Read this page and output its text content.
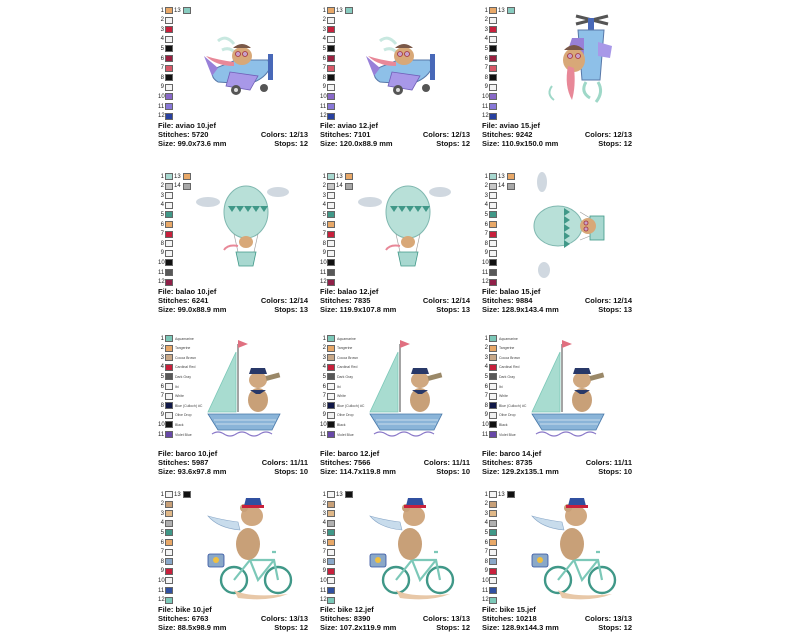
1 13
2
3
4
5
6
7
8
9
10
11
12
File: aviao 10.jef
Stitches: 5720	Colors: 12/13
Size: 99.0x73.6 mm	Stops: 12
1 13
2
3
4
5
6
7
8
9
10
11
12
File: aviao 12.jef
Stitches: 7101	Colors: 12/13
Size: 120.0x88.9 mm	Stops: 12
1 13
2
3
4
5
6
7
8
9
10
11
12
File: aviao 15.jef
Stitches: 9242	Colors: 12/13
Size: 110.9x150.0 mm	Stops: 12
1 13
2 14
3
4
5
6
7
8
9
10
11
12
File: balao 10.jef
Stitches: 6241	Colors: 12/14
Size: 99.0x88.9 mm	Stops: 13
1 13
2 14
3
4
5
6
7
8
9
10
11
12
File: balao 12.jef
Stitches: 7835	Colors: 12/14
Size: 119.9x107.8 mm	Stops: 13
1 13
2 14
3
4
5
6
7
8
9
10
11
12
File: balao 15.jef
Stitches: 9884	Colors: 12/14
Size: 128.9x143.4 mm	Stops: 13
1	Aquamarine
2	Tangerine
3	Cocoa Brown
4	Cardinal Red
5	Dark Gray
6	Ibi
7	White
8	Blue (Culloch) #C
9	Olive Drop
10	Black
11	Violet Blue
File: barco 10.jef
Stitches: 5987	Colors: 11/11
Size: 93.6x97.8 mm	Stops: 10
1	Aquamarine
2	Tangerine
3	Cocoa Brown
4	Cardinal Red
5	Dark Gray
6	Ibi
7	White
8	Blue (Culloch) #C
9	Olive Drop
10	Black
11	Violet Blue
File: barco 12.jef
Stitches: 7566	Colors: 11/11
Size: 114.7x119.8 mm	Stops: 10
1	Aquamarine
2	Tangerine
3	Cocoa Brown
4	Cardinal Red
5	Dark Gray
6	Ibi
7	White
8	Blue (Culloch) #C
9	Olive Drop
10	Black
11	Violet Blue
File: barco 14.jef
Stitches: 8735	Colors: 11/11
Size: 129.2x135.1 mm	Stops: 10
1 13
2
3
4
5
6
7
8
9
10
11
12
File: bike 10.jef
Stitches: 6763	Colors: 13/13
Size: 88.5x98.9 mm	Stops: 12
1 13
2
3
4
5
6
7
8
9
10
11
12
File: bike 12.jef
Stitches: 8390	Colors: 13/13
Size: 107.2x119.9 mm	Stops: 12
1 13
2
3
4
5
6
7
8
9
10
11
12
File: bike 15.jef
Stitches: 10218	Colors: 13/13
Size: 128.9x144.3 mm	Stops: 12
